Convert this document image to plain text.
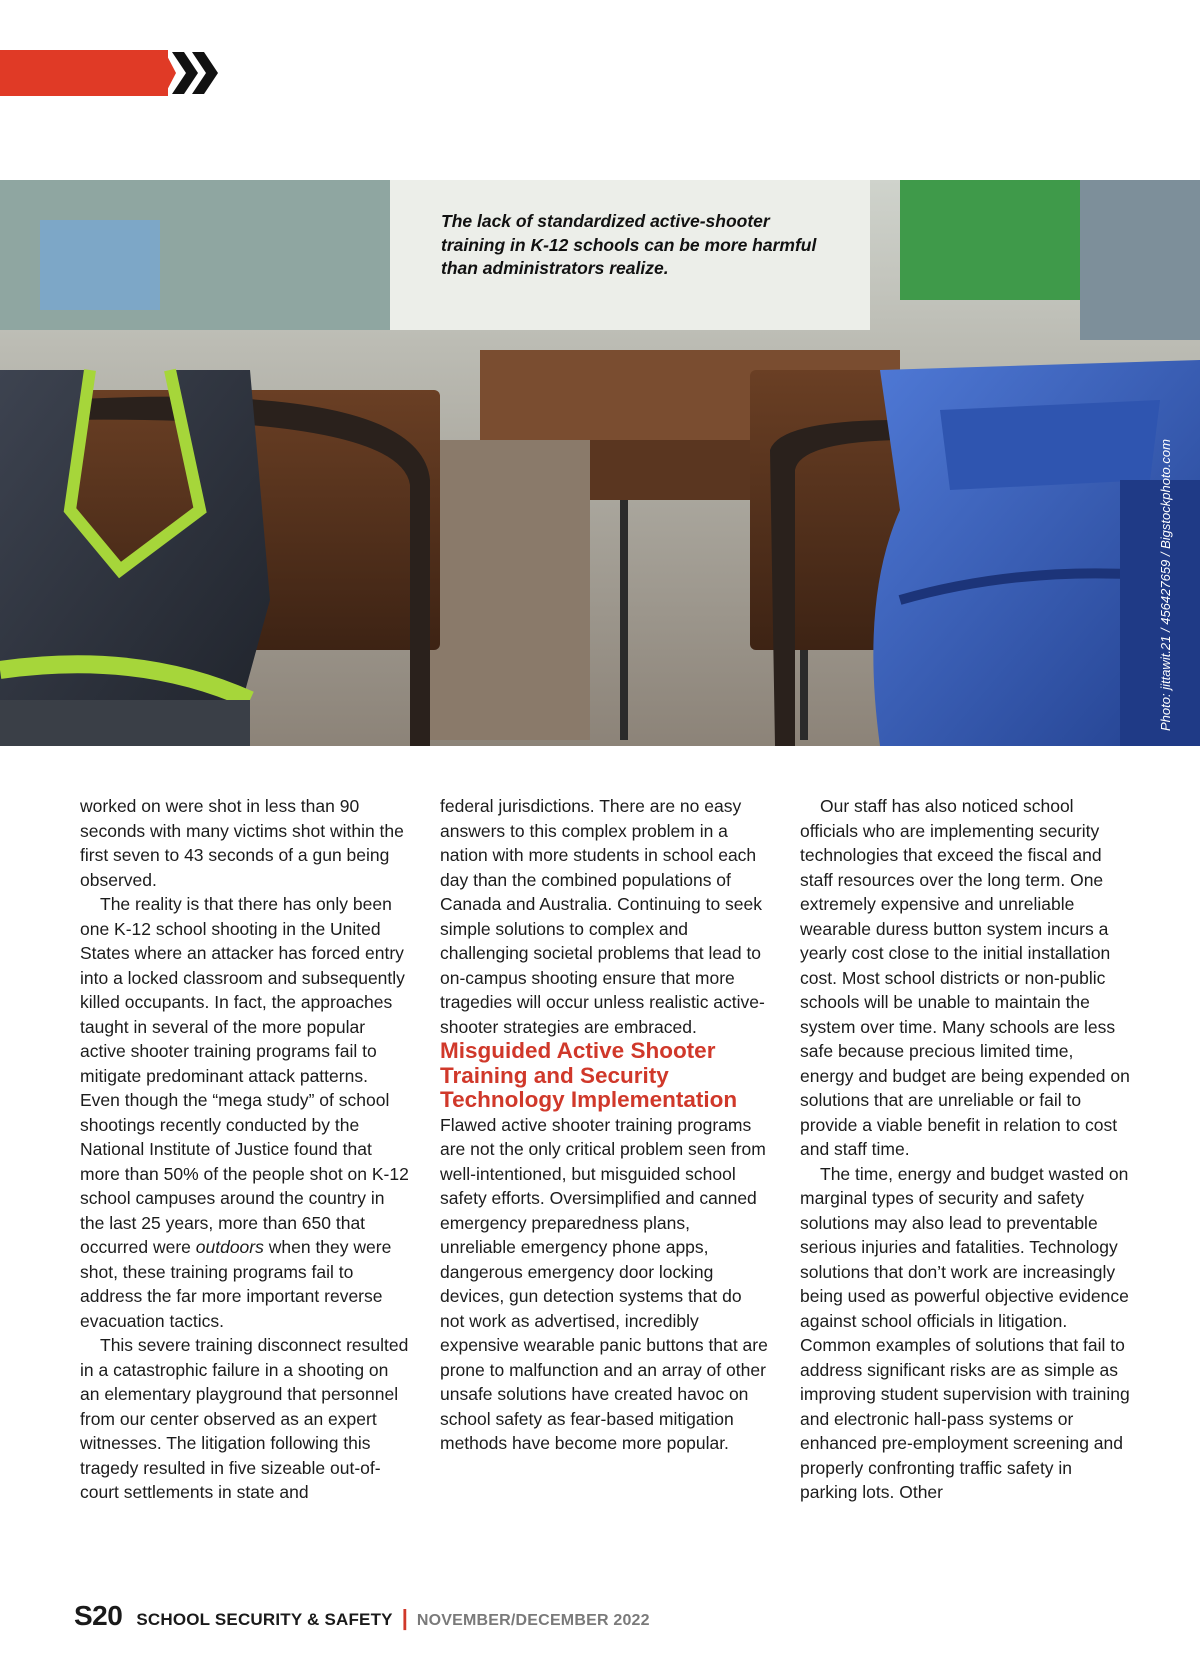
The lack of standardized active-shooter training in K-12 schools can be more harmful than administrators realize.
Photo: jittawit.21 / 456427659 / Bigstockphoto.com

worked on were shot in less than 90 seconds with many victims shot within the first seven to 43 seconds of a gun being observed.

The reality is that there has only been one K-12 school shooting in the United States where an attacker has forced entry into a locked classroom and subsequently killed occupants. In fact, the approaches taught in several of the more popular active shooter training programs fail to mitigate predominant attack patterns. Even though the “mega study” of school shootings recently conducted by the National Institute of Justice found that more than 50% of the people shot on K-12 school campuses around the country in the last 25 years, more than 650 that occurred were outdoors when they were shot, these training programs fail to address the far more important reverse evacuation tactics.

This severe training disconnect resulted in a catastrophic failure in a shooting on an elementary playground that personnel from our center observed as an expert witnesses. The litigation following this tragedy resulted in five sizeable out-of-court settlements in state and

federal jurisdictions. There are no easy answers to this complex problem in a nation with more students in school each day than the combined populations of Canada and Australia. Continuing to seek simple solutions to complex and challenging societal problems that lead to on-campus shooting ensure that more tragedies will occur unless realistic active-shooter strategies are embraced.

Misguided Active Shooter Training and Security Technology Implementation

Flawed active shooter training programs are not the only critical problem seen from well-intentioned, but misguided school safety efforts. Oversimplified and canned emergency preparedness plans, unreliable emergency phone apps, dangerous emergency door locking devices, gun detection systems that do not work as advertised, incredibly expensive wearable panic buttons that are prone to malfunction and an array of other unsafe solutions have created havoc on school safety as fear-based mitigation methods have become more popular.

Our staff has also noticed school officials who are implementing security technologies that exceed the fiscal and staff resources over the long term. One extremely expensive and unreliable wearable duress button system incurs a yearly cost close to the initial installation cost. Most school districts or non-public schools will be unable to maintain the system over time. Many schools are less safe because precious limited time, energy and budget are being expended on solutions that are unreliable or fail to provide a viable benefit in relation to cost and staff time.

The time, energy and budget wasted on marginal types of security and safety solutions may also lead to preventable serious injuries and fatalities. Technology solutions that don’t work are increasingly being used as powerful objective evidence against school officials in litigation. Common examples of solutions that fail to address significant risks are as simple as improving student supervision with training and electronic hall-pass systems or enhanced pre-employment screening and properly confronting traffic safety in parking lots. Other

S20 SCHOOL SECURITY & SAFETY | NOVEMBER/DECEMBER 2022
